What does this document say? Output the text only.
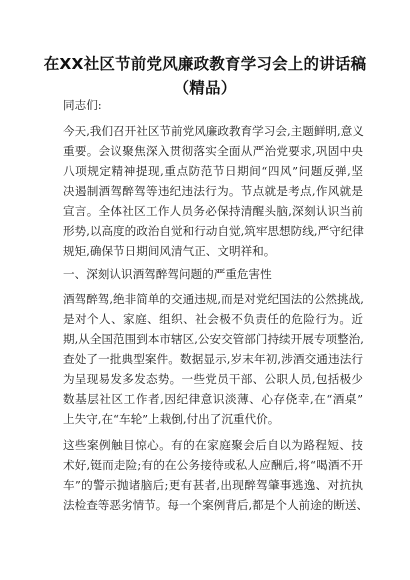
在XX社区节前党风廉政教育学习会上的讲话稿
（精品）
同志们:
今天,我们召开社区节前党风廉政教育学习会,主题鲜明,意义
重要。会议聚焦深入贯彻落实全面从严治党要求,巩固中央
八项规定精神提现,重点防范节日期间“四风”问题反弹,坚
决遏制酒驾醉驾等违纪违法行为。节点就是考点,作风就是
宣言。全体社区工作人员务必保持清醒头脑,深刻认识当前
形势,以高度的政治自觉和行动自觉,筑牢思想防线,严守纪律
规矩,确保节日期间风清气正、文明祥和。
一、深刻认识酒驾醉驾问题的严重危害性
酒驾醉驾,绝非简单的交通违规,而是对党纪国法的公然挑战,
是对个人、家庭、组织、社会极不负责任的危险行为。近
期,从全国范围到本市辖区,公安交管部门持续开展专项整治,
查处了一批典型案件。数据显示,岁末年初,涉酒交通违法行
为呈现易发多发态势。一些党员干部、公职人员,包括极少
数基层社区工作者,因纪律意识淡薄、心存侥幸,在“酒桌”
上失守,在“车轮”上栽倒,付出了沉重代价。
这些案例触目惊心。有的在家庭聚会后自以为路程短、技
术好,铤而走险;有的在公务接待或私人应酬后,将“喝酒不开
车”的警示抛诸脑后;更有甚者,出现醉驾肇事逃逸、对抗执
法检查等恶劣情节。每一个案例背后,都是个人前途的断送、
